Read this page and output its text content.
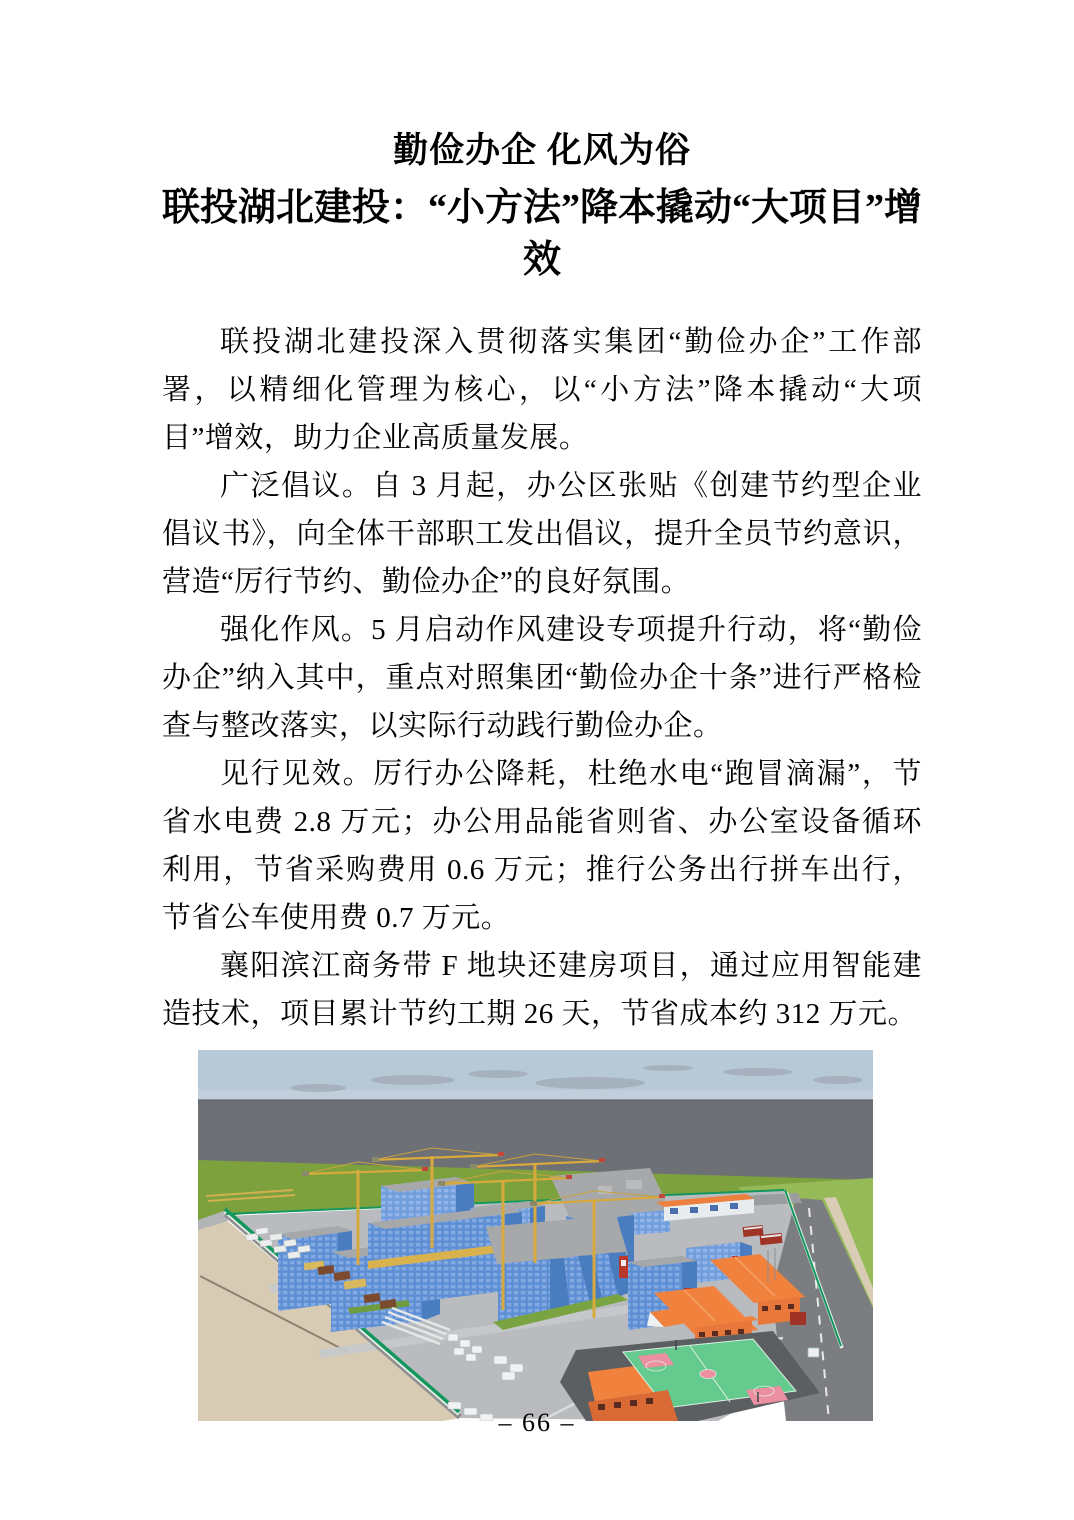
勤俭办企 化风为俗
联投湖北建投：“小方法”降本撬动“大项目”增效

联投湖北建投深入贯彻落实集团“勤俭办企”工作部署，以精细化管理为核心，以“小方法”降本撬动“大项目”增效，助力企业高质量发展。

广泛倡议。自 3 月起，办公区张贴《创建节约型企业倡议书》，向全体干部职工发出倡议，提升全员节约意识，营造“厉行节约、勤俭办企”的良好氛围。

强化作风。5 月启动作风建设专项提升行动，将“勤俭办企”纳入其中，重点对照集团“勤俭办企十条”进行严格检查与整改落实，以实际行动践行勤俭办企。

见行见效。厉行办公降耗，杜绝水电“跑冒滴漏”，节省水电费 2.8 万元；办公用品能省则省、办公室设备循环利用，节省采购费用 0.6 万元；推行公务出行拼车出行，节省公车使用费 0.7 万元。

襄阳滨江商务带 F 地块还建房项目，通过应用智能建造技术，项目累计节约工期 26 天，节省成本约 312 万元。

– 66 –
